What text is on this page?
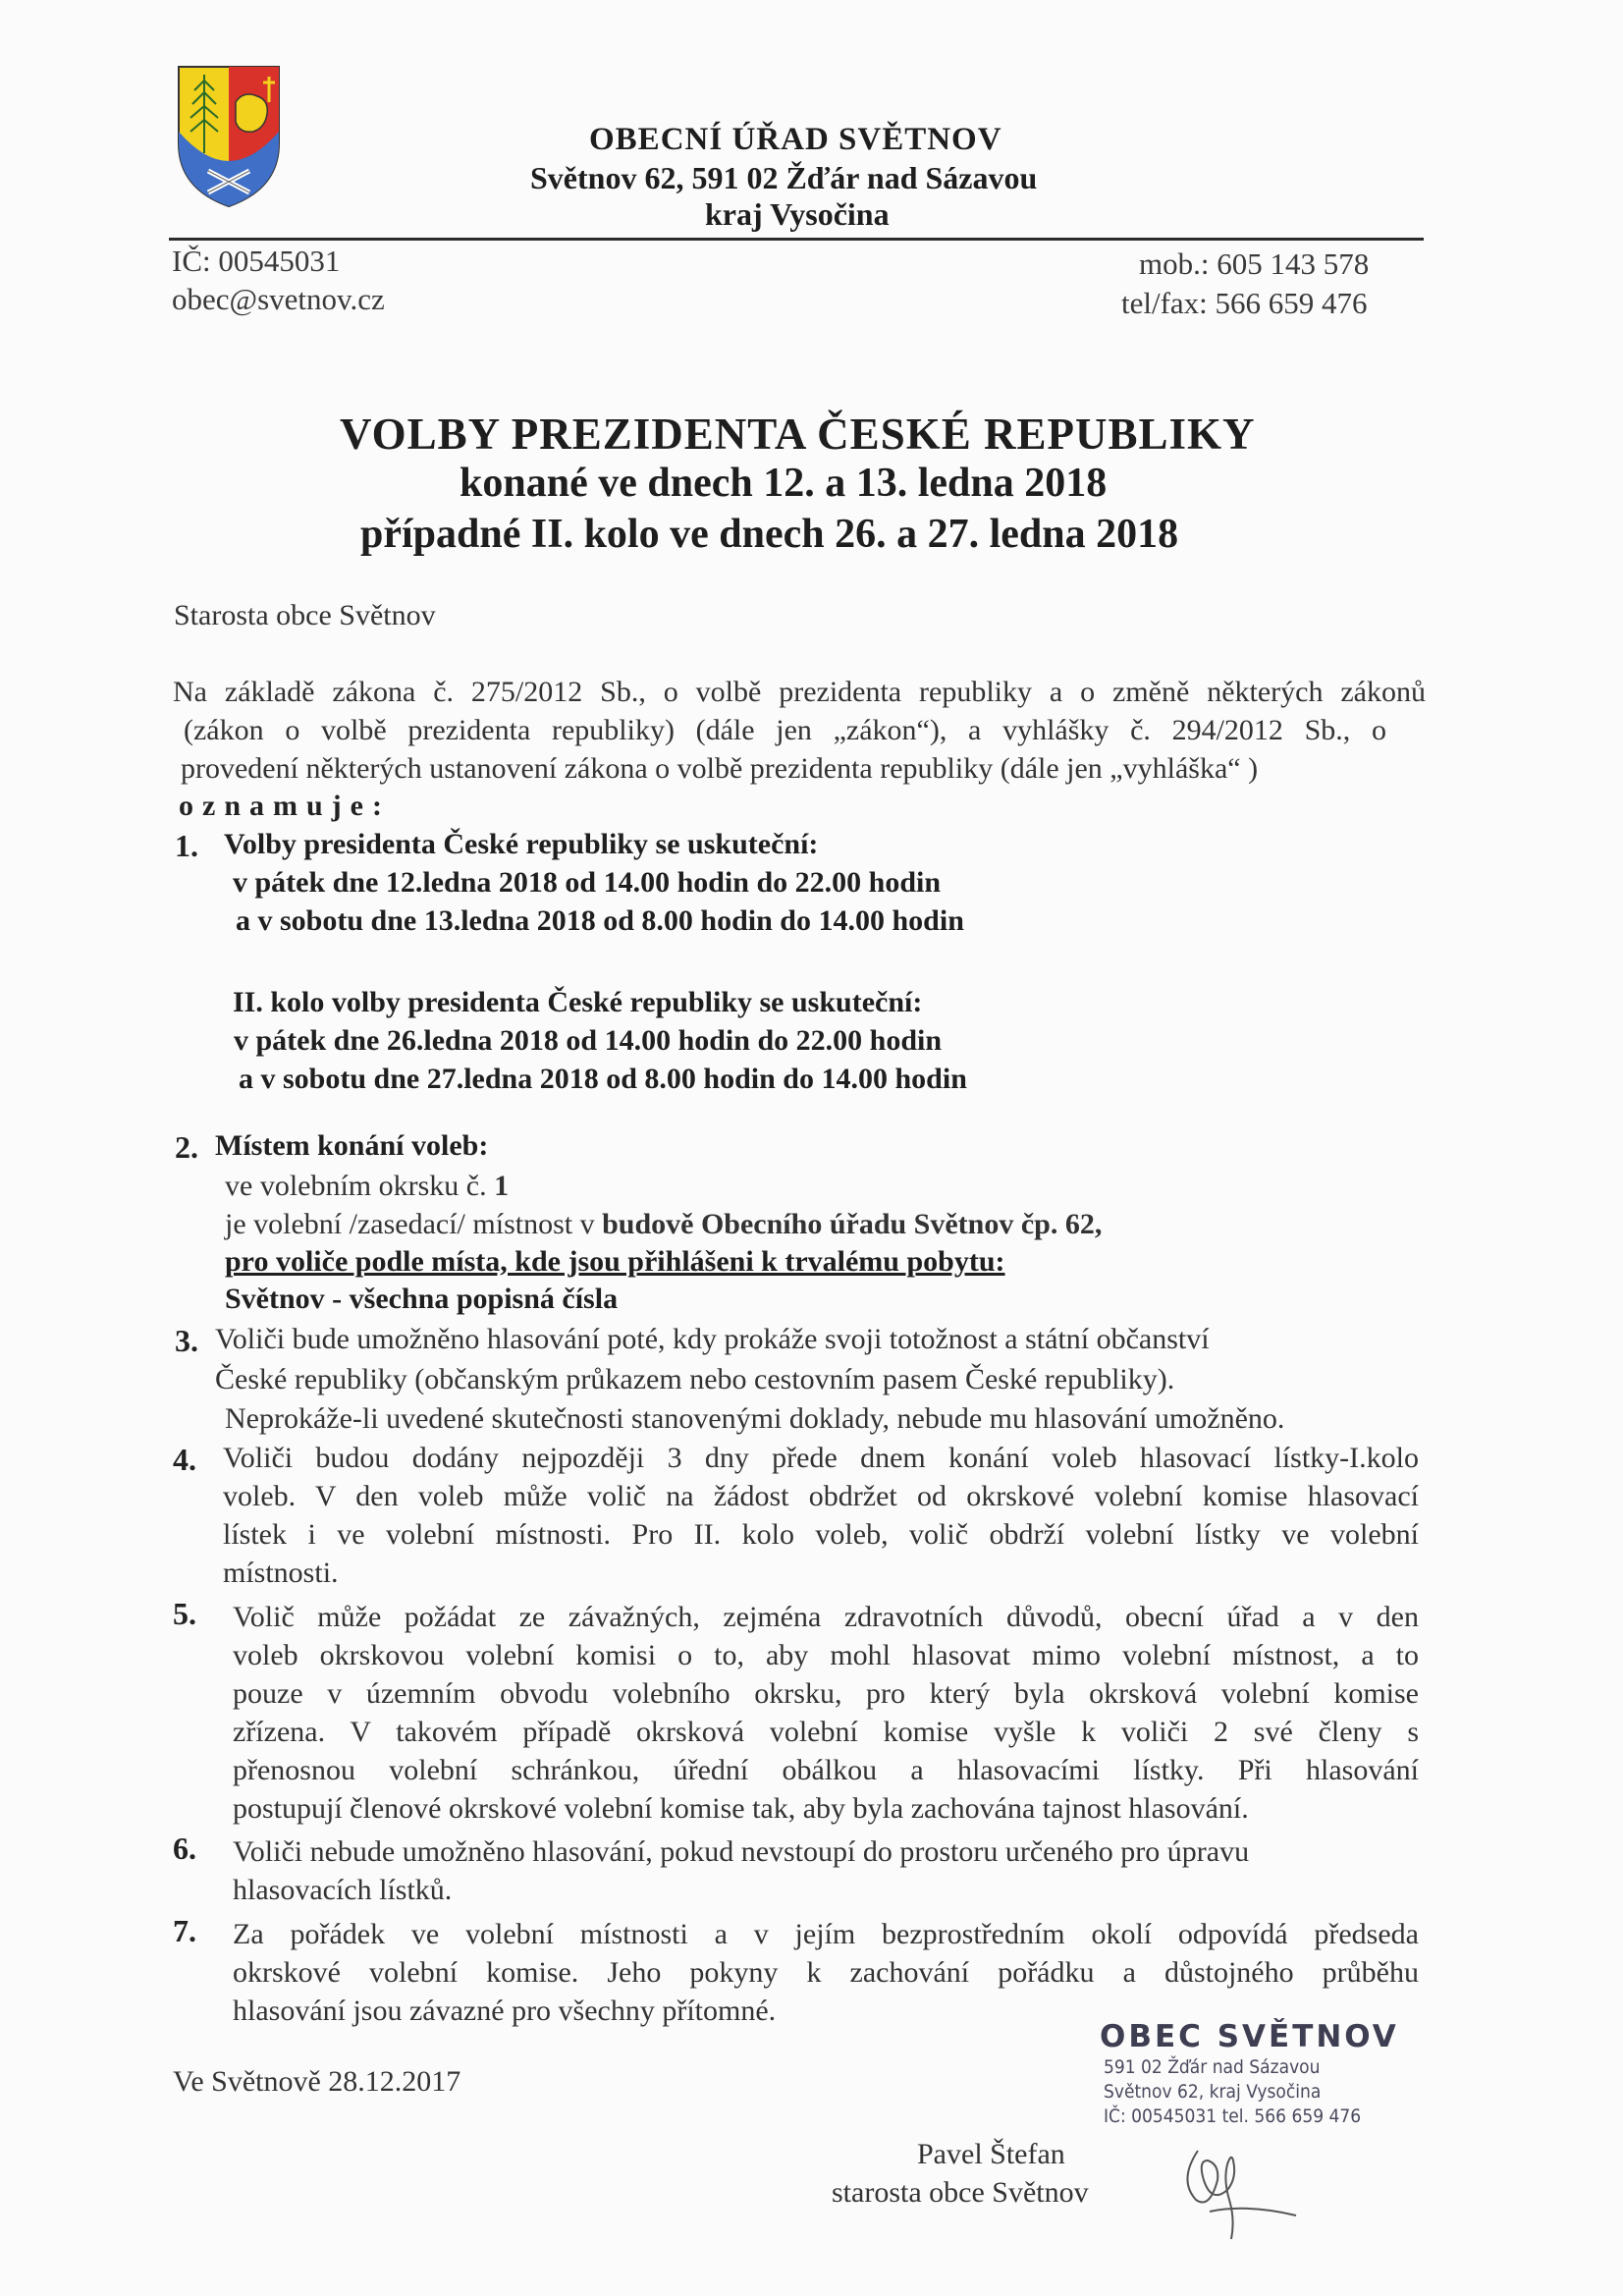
OBECNÍ ÚŘAD SVĚTNOV
Světnov 62, 591 02 Žďár nad Sázavou
kraj Vysočina
IČ: 00545031
obec@svetnov.cz
mob.: 605 143 578
tel/fax: 566 659 476
VOLBY PREZIDENTA ČESKÉ REPUBLIKY
konané ve dnech 12. a 13. ledna 2018
případné II. kolo ve dnech 26. a 27. ledna 2018
Starosta obce Světnov
Na základě zákona č. 275/2012 Sb., o volbě prezidenta republiky a o změně některých zákonů
(zákon o volbě prezidenta republiky) (dále jen „zákon“), a vyhlášky č. 294/2012 Sb., o
provedení některých ustanovení zákona o volbě prezidenta republiky (dále jen „vyhláška“ )
oznamuje:
1. Volby presidenta České republiky se uskuteční:
v pátek dne 12.ledna 2018 od 14.00 hodin do 22.00 hodin
a v sobotu dne 13.ledna 2018 od 8.00 hodin do 14.00 hodin
II. kolo volby presidenta České republiky se uskuteční:
v pátek dne 26.ledna 2018 od 14.00 hodin do 22.00 hodin
a v sobotu dne 27.ledna 2018 od 8.00 hodin do 14.00 hodin
2. Místem konání voleb:
ve volebním okrsku č. 1
je volební /zasedací/ místnost v budově Obecního úřadu Světnov čp. 62,
pro voliče podle místa, kde jsou přihlášeni k trvalému pobytu:
Světnov - všechna popisná čísla
3. Voliči bude umožněno hlasování poté, kdy prokáže svoji totožnost a státní občanství
České republiky (občanským průkazem nebo cestovním pasem České republiky).
Neprokáže-li uvedené skutečnosti stanovenými doklady, nebude mu hlasování umožněno.
4. Voliči budou dodány nejpozději 3 dny přede dnem konání voleb hlasovací lístky-I.kolo
voleb. V den voleb může volič na žádost obdržet od okrskové volební komise hlasovací
lístek i ve volební místnosti. Pro II. kolo voleb, volič obdrží volební lístky ve volební
místnosti.
5. Volič může požádat ze závažných, zejména zdravotních důvodů, obecní úřad a v den
voleb okrskovou volební komisi o to, aby mohl hlasovat mimo volební místnost, a to
pouze v územním obvodu volebního okrsku, pro který byla okrsková volební komise
zřízena. V takovém případě okrsková volební komise vyšle k voliči 2 své členy s
přenosnou volební schránkou, úřední obálkou a hlasovacími lístky. Při hlasování
postupují členové okrskové volební komise tak, aby byla zachována tajnost hlasování.
6. Voliči nebude umožněno hlasování, pokud nevstoupí do prostoru určeného pro úpravu
hlasovacích lístků.
7. Za pořádek ve volební místnosti a v jejím bezprostředním okolí odpovídá předseda
okrskové volební komise. Jeho pokyny k zachování pořádku a důstojného průběhu
hlasování jsou závazné pro všechny přítomné.
Ve Světnově 28.12.2017
OBEC SVĚTNOV
591 02 Žďár nad Sázavou
Světnov 62, kraj Vysočina
IČ: 00545031 tel. 566 659 476
Pavel Štefan
starosta obce Světnov
